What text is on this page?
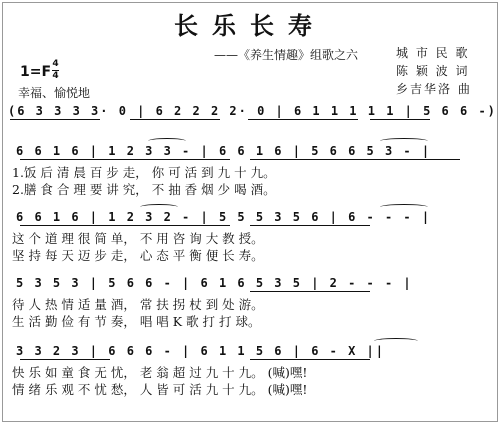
长乐长寿
——《养生情趣》组歌之六	城 市 民 歌
陈 颖 波 词
乡吉华洛 曲
1=F 4
4
幸福、愉悦地
(6 3 3 3 3· 0 | 6 2 2 2 2· 0 | 6 1 1 1 1 1 | 5 6 6 -)
6 6 1 6 | 1 2 3 3 - | 6 6 1 6 | 5 6 6 5 3 - |
1.饭 后 清 晨 百 步 走， 你 可 活 到 九 十 九。
2.膳 食 合 理 要 讲 究， 不 抽 香 烟 少 喝 酒。
6 6 1 6 | 1 2 3 2 - | 5 5 5 3 5 6 | 6 - - - |
这 个 道 理 很 简 单， 不 用 咨 询 大 教 授。
坚 持 每 天 迈 步 走， 心 态 平 衡 便 长 寿。
5 3 5 3 | 5 6 6 - | 6 1 6 5 3 5 | 2 - - - |
待 人 热 情 适 量 酒， 常 扶 拐 杖 到 处 游。
生 活 勤 俭 有 节 奏， 唱 唱 K 歌 打 打 球。
3 3 2 3 | 6 6 6 - | 6 1 1 5 6 | 6 - X ||
快 乐 如 童 食 无 忧， 老 翁 超 过 九 十 九。 (喊)嘿!
情 绪 乐 观 不 忧 愁， 人 皆 可 活 九 十 九。 (喊)嘿!
